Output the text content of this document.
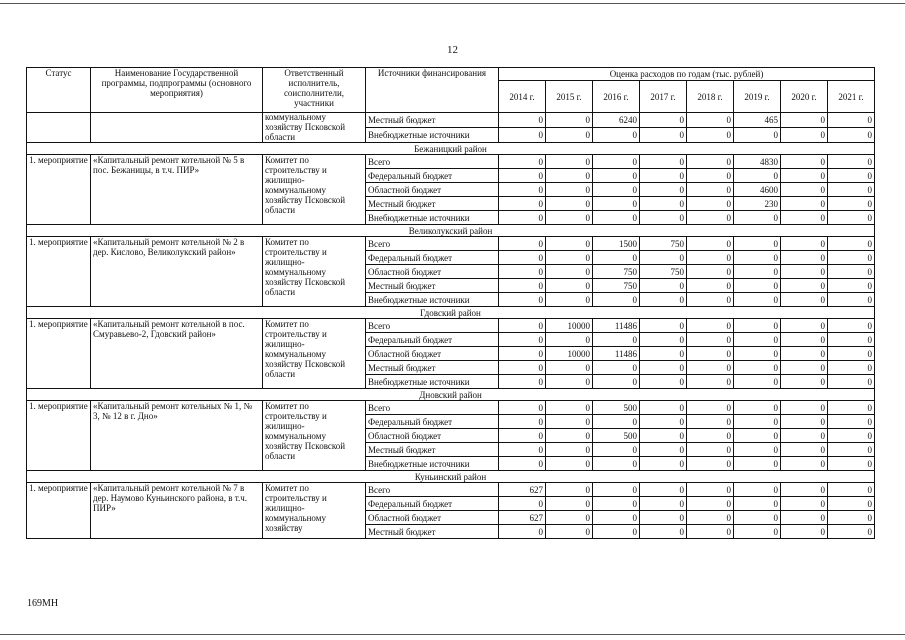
12
Статус	Наименование Государственной программы, подпрограммы (основного мероприятия)	Ответственный исполнитель, соисполнители, участники	Источники финансирования	Оценка расходов по годам (тыс. рублей)							
				2014 г.	2015 г.	2016 г.	2017 г.	2018 г.	2019 г.	2020 г.	2021 г.

		коммунальному хозяйству Псковской области	Местный бюджет	0	0	6240	0	0	465	0	0
			Внебюджетные источники	0	0	0	0	0	0	0	0
Бежаницкий район											
1. мероприятие	«Капитальный ремонт котельной № 5 в пос. Бежаницы, в т.ч. ПИР»	Комитет по строительству и жилищно-коммунальному хозяйству Псковской области	Всего	0	0	0	0	0	4830	0	0
			Федеральный бюджет	0	0	0	0	0	0	0	0
			Областной бюджет	0	0	0	0	0	4600	0	0
			Местный бюджет	0	0	0	0	0	230	0	0
			Внебюджетные источники	0	0	0	0	0	0	0	0
Великолукский район											
1. мероприятие	«Капитальный ремонт котельной № 2 в дер. Кислово, Великолукский район»	Комитет по строительству и жилищно-коммунальному хозяйству Псковской области	Всего	0	0	1500	750	0	0	0	0
			Федеральный бюджет	0	0	0	0	0	0	0	0
			Областной бюджет	0	0	750	750	0	0	0	0
			Местный бюджет	0	0	750	0	0	0	0	0
			Внебюджетные источники	0	0	0	0	0	0	0	0
Гдовский район											
1. мероприятие	«Капитальный ремонт котельной в пос. Смуравьево-2, Гдовский район»	Комитет по строительству и жилищно-коммунальному хозяйству Псковской области	Всего	0	10000	11486	0	0	0	0	0
			Федеральный бюджет	0	0	0	0	0	0	0	0
			Областной бюджет	0	10000	11486	0	0	0	0	0
			Местный бюджет	0	0	0	0	0	0	0	0
			Внебюджетные источники	0	0	0	0	0	0	0	0
Дновский район											
1. мероприятие	«Капитальный ремонт котельных № 1, № 3, № 12 в г. Дно»	Комитет по строительству и жилищно-коммунальному хозяйству Псковской области	Всего	0	0	500	0	0	0	0	0
			Федеральный бюджет	0	0	0	0	0	0	0	0
			Областной бюджет	0	0	500	0	0	0	0	0
			Местный бюджет	0	0	0	0	0	0	0	0
			Внебюджетные источники	0	0	0	0	0	0	0	0
Куньинский район											
1. мероприятие	«Капитальный ремонт котельной № 7 в дер. Наумово Куньинского района, в т.ч. ПИР»	Комитет по строительству и жилищно-коммунальному хозяйству	Всего	627	0	0	0	0	0	0	0
			Федеральный бюджет	0	0	0	0	0	0	0	0
			Областной бюджет	627	0	0	0	0	0	0	0
			Местный бюджет	0	0	0	0	0	0	0	0
169МН
